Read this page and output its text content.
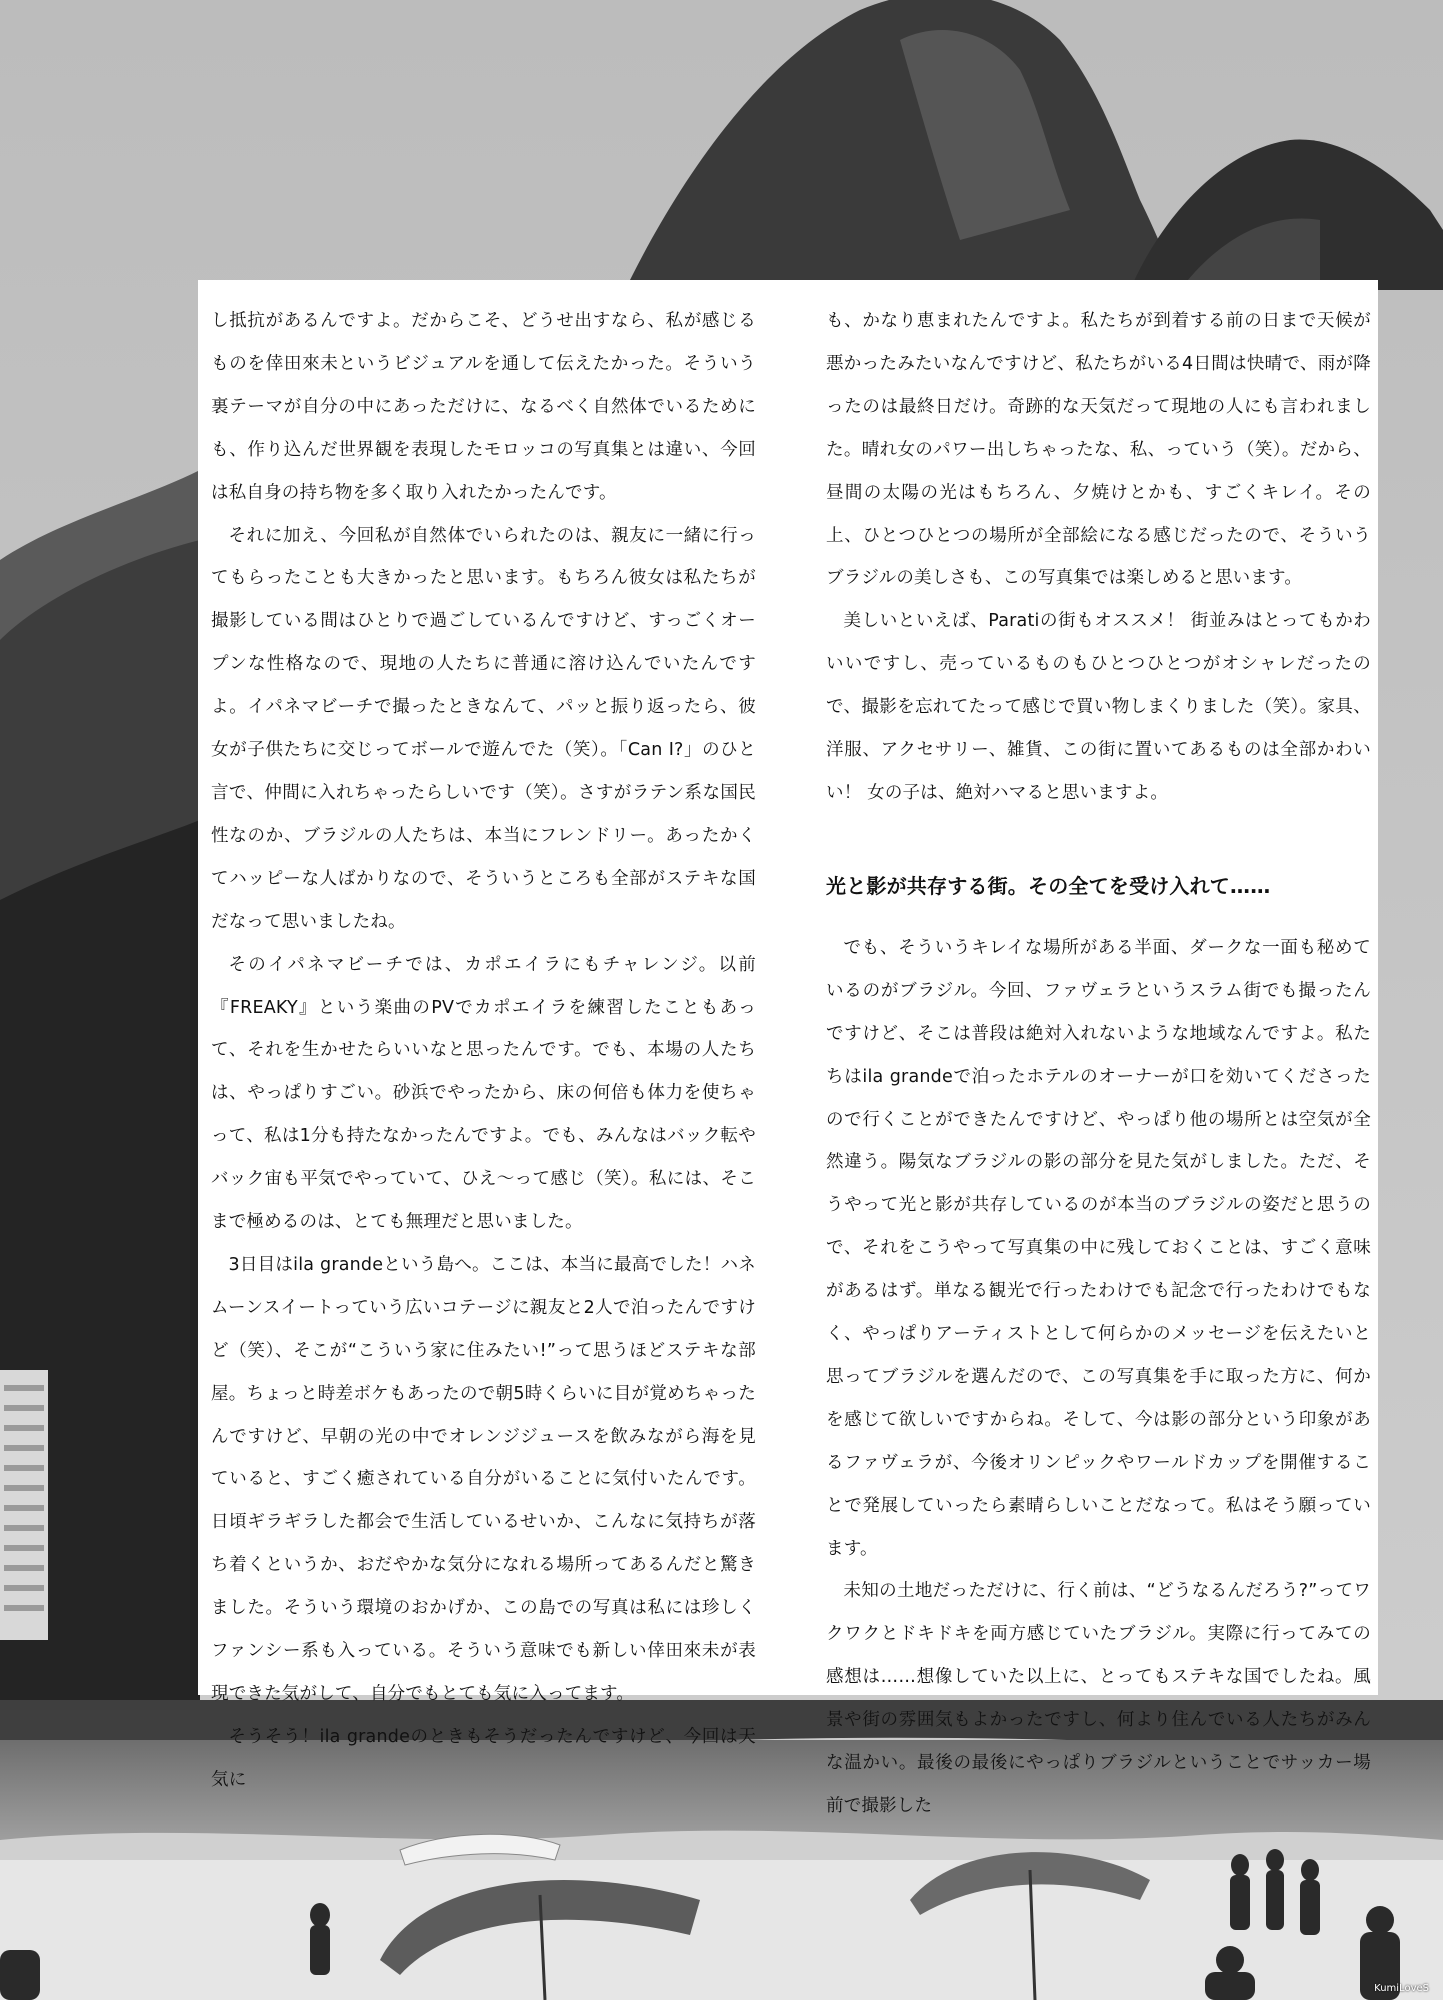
し抵抗があるんですよ。だからこそ、どうせ出すなら、私が感じるものを倖田來未というビジュアルを通して伝えたかった。そういう裏テーマが自分の中にあっただけに、なるべく自然体でいるためにも、作り込んだ世界観を表現したモロッコの写真集とは違い、今回は私自身の持ち物を多く取り入れたかったんです。

それに加え、今回私が自然体でいられたのは、親友に一緒に行ってもらったことも大きかったと思います。もちろん彼女は私たちが撮影している間はひとりで過ごしているんですけど、すっごくオープンな性格なので、現地の人たちに普通に溶け込んでいたんですよ。イパネマビーチで撮ったときなんて、パッと振り返ったら、彼女が子供たちに交じってボールで遊んでた（笑）。「Can I?」のひと言で、仲間に入れちゃったらしいです（笑）。さすがラテン系な国民性なのか、ブラジルの人たちは、本当にフレンドリー。あったかくてハッピーな人ばかりなので、そういうところも全部がステキな国だなって思いましたね。

そのイパネマビーチでは、カポエイラにもチャレンジ。以前『FREAKY』という楽曲のPVでカポエイラを練習したこともあって、それを生かせたらいいなと思ったんです。でも、本場の人たちは、やっぱりすごい。砂浜でやったから、床の何倍も体力を使ちゃって、私は1分も持たなかったんですよ。でも、みんなはバック転やバック宙も平気でやっていて、ひえ〜って感じ（笑）。私には、そこまで極めるのは、とても無理だと思いました。

3日目はila grandeという島へ。ここは、本当に最高でした！ハネムーンスイートっていう広いコテージに親友と2人で泊ったんですけど（笑）、そこが“こういう家に住みたい!”って思うほどステキな部屋。ちょっと時差ボケもあったので朝5時くらいに目が覚めちゃったんですけど、早朝の光の中でオレンジジュースを飲みながら海を見ていると、すごく癒されている自分がいることに気付いたんです。日頃ギラギラした都会で生活しているせいか、こんなに気持ちが落ち着くというか、おだやかな気分になれる場所ってあるんだと驚きました。そういう環境のおかげか、この島での写真は私には珍しくファンシー系も入っている。そういう意味でも新しい倖田來未が表現できた気がして、自分でもとても気に入ってます。

そうそう！ila grandeのときもそうだったんですけど、今回は天気に

も、かなり恵まれたんですよ。私たちが到着する前の日まで天候が悪かったみたいなんですけど、私たちがいる4日間は快晴で、雨が降ったのは最終日だけ。奇跡的な天気だって現地の人にも言われました。晴れ女のパワー出しちゃったな、私、っていう（笑）。だから、昼間の太陽の光はもちろん、夕焼けとかも、すごくキレイ。その上、ひとつひとつの場所が全部絵になる感じだったので、そういうブラジルの美しさも、この写真集では楽しめると思います。

美しいといえば、Paratiの街もオススメ！ 街並みはとってもかわいいですし、売っているものもひとつひとつがオシャレだったので、撮影を忘れてたって感じで買い物しまくりました（笑）。家具、洋服、アクセサリー、雑貨、この街に置いてあるものは全部かわいい！ 女の子は、絶対ハマると思いますよ。

光と影が共存する街。その全てを受け入れて……

でも、そういうキレイな場所がある半面、ダークな一面も秘めているのがブラジル。今回、ファヴェラというスラム街でも撮ったんですけど、そこは普段は絶対入れないような地域なんですよ。私たちはila grandeで泊ったホテルのオーナーが口を効いてくださったので行くことができたんですけど、やっぱり他の場所とは空気が全然違う。陽気なブラジルの影の部分を見た気がしました。ただ、そうやって光と影が共存しているのが本当のブラジルの姿だと思うので、それをこうやって写真集の中に残しておくことは、すごく意味があるはず。単なる観光で行ったわけでも記念で行ったわけでもなく、やっぱりアーティストとして何らかのメッセージを伝えたいと思ってブラジルを選んだので、この写真集を手に取った方に、何かを感じて欲しいですからね。そして、今は影の部分という印象があるファヴェラが、今後オリンピックやワールドカップを開催することで発展していったら素晴らしいことだなって。私はそう願っています。

未知の土地だっただけに、行く前は、“どうなるんだろう?”ってワクワクとドキドキを両方感じていたブラジル。実際に行ってみての感想は……想像していた以上に、とってもステキな国でしたね。風景や街の雰囲気もよかったですし、何より住んでいる人たちがみんな温かい。最後の最後にやっぱりブラジルということでサッカー場前で撮影した

KumiLoveS
